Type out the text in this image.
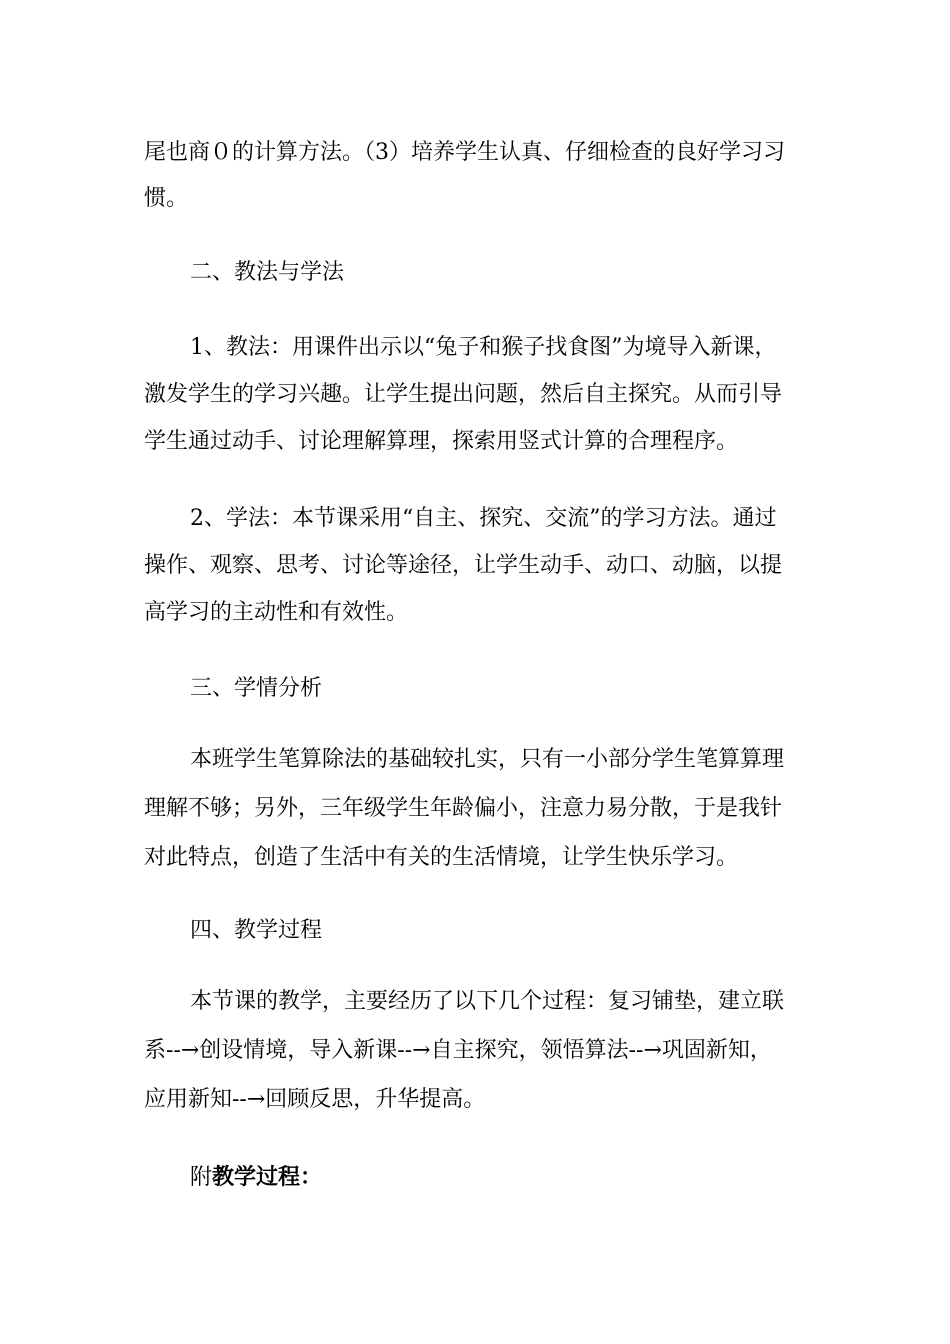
尾也商０的计算方法。（3）培养学生认真、仔细检查的良好学习习
惯。
二、教法与学法
1、教法：用课件出示以“兔子和猴子找食图”为境导入新课，
激发学生的学习兴趣。让学生提出问题，然后自主探究。从而引导
学生通过动手、讨论理解算理，探索用竖式计算的合理程序。
2、学法：本节课采用“自主、探究、交流”的学习方法。通过
操作、观察、思考、讨论等途径，让学生动手、动口、动脑，以提
高学习的主动性和有效性。
三、学情分析
本班学生笔算除法的基础较扎实，只有一小部分学生笔算算理
理解不够；另外，三年级学生年龄偏小，注意力易分散，于是我针
对此特点，创造了生活中有关的生活情境，让学生快乐学习。
四、教学过程
本节课的教学，主要经历了以下几个过程：复习铺垫，建立联
系--→创设情境，导入新课--→自主探究，领悟算法--→巩固新知，
应用新知--→回顾反思，升华提高。
附教学过程：
